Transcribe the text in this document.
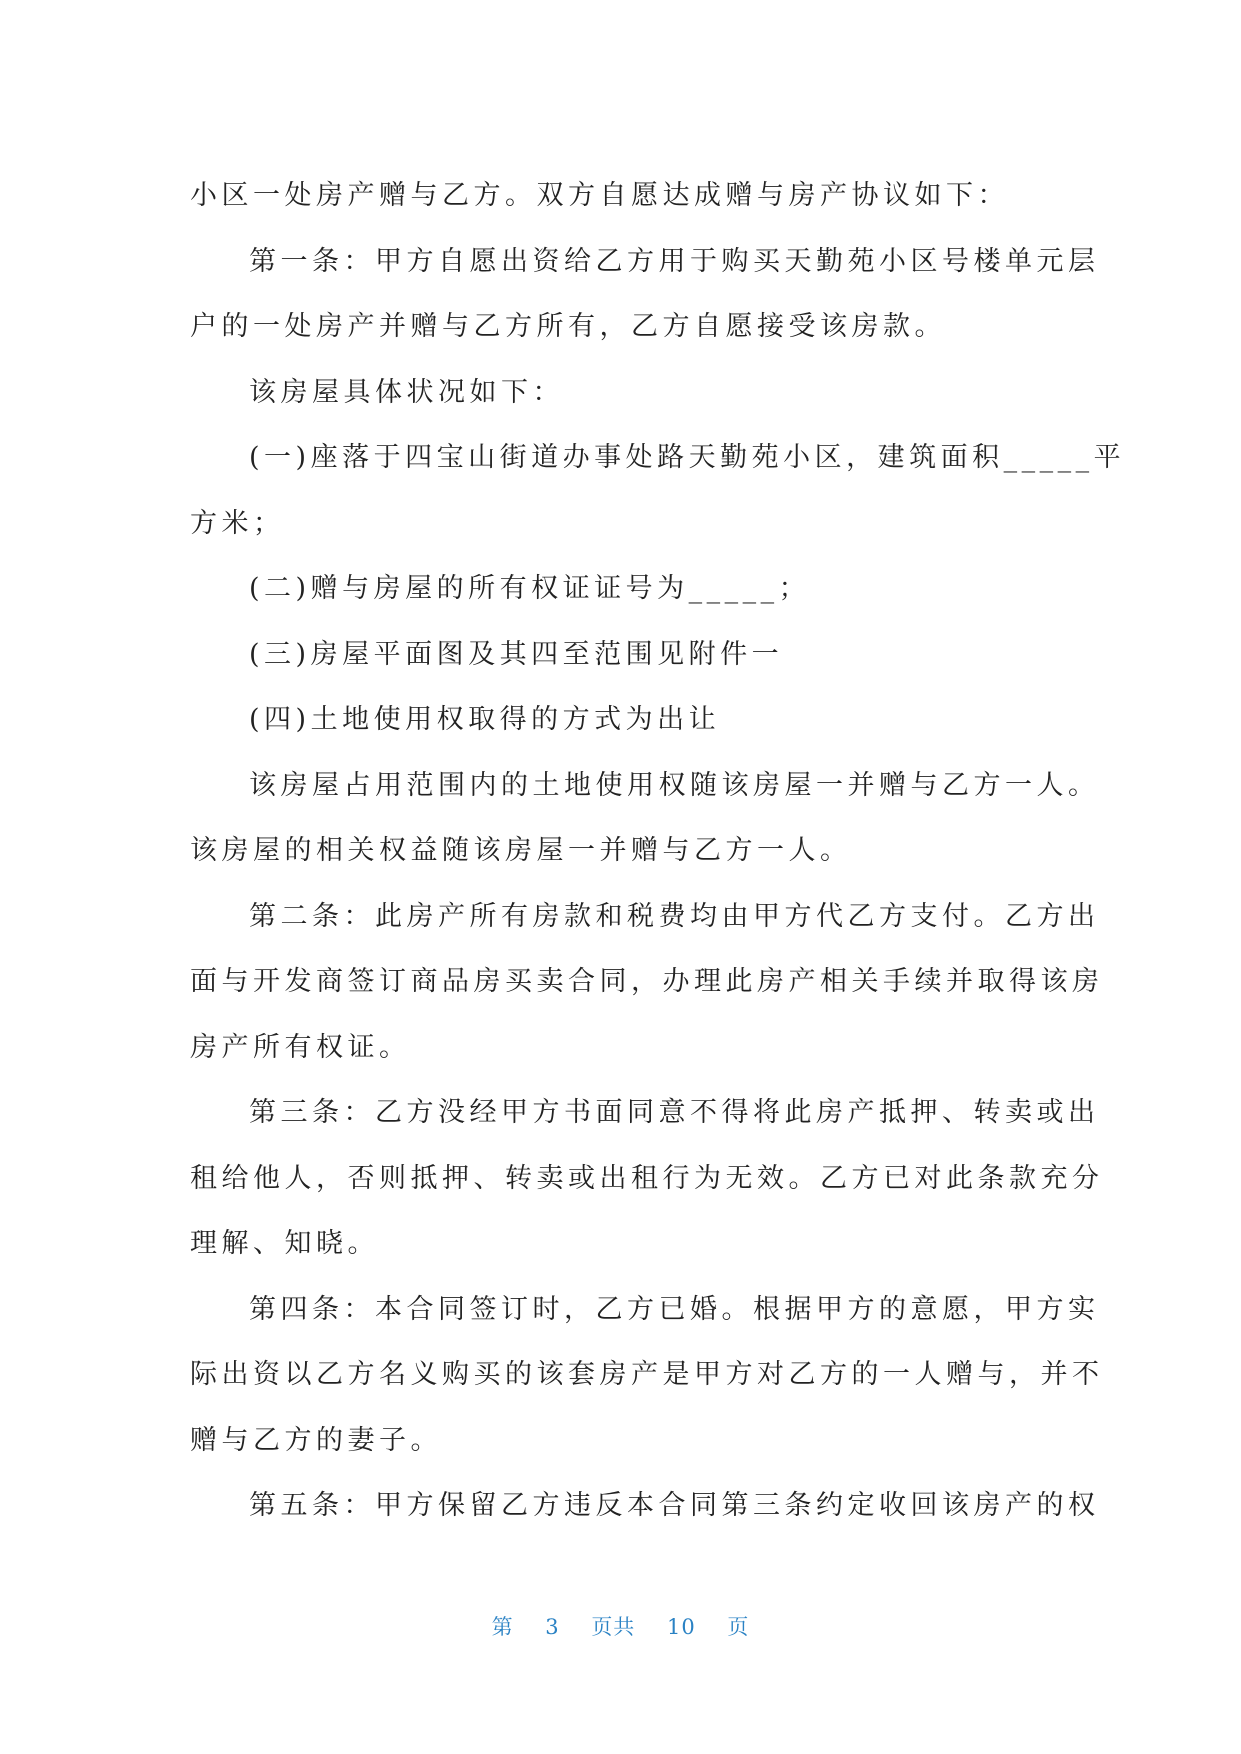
小区一处房产赠与乙方。双方自愿达成赠与房产协议如下：
第一条：甲方自愿出资给乙方用于购买天勤苑小区号楼单元层
户的一处房产并赠与乙方所有，乙方自愿接受该房款。
该房屋具体状况如下：
(一)座落于四宝山街道办事处路天勤苑小区，建筑面积_____平
方米；
(二)赠与房屋的所有权证证号为_____；
(三)房屋平面图及其四至范围见附件一
(四)土地使用权取得的方式为出让
该房屋占用范围内的土地使用权随该房屋一并赠与乙方一人。
该房屋的相关权益随该房屋一并赠与乙方一人。
第二条：此房产所有房款和税费均由甲方代乙方支付。乙方出
面与开发商签订商品房买卖合同，办理此房产相关手续并取得该房
房产所有权证。
第三条：乙方没经甲方书面同意不得将此房产抵押、转卖或出
租给他人，否则抵押、转卖或出租行为无效。乙方已对此条款充分
理解、知晓。
第四条：本合同签订时，乙方已婚。根据甲方的意愿，甲方实
际出资以乙方名义购买的该套房产是甲方对乙方的一人赠与，并不
赠与乙方的妻子。
第五条：甲方保留乙方违反本合同第三条约定收回该房产的权
第 3 页共 10 页
